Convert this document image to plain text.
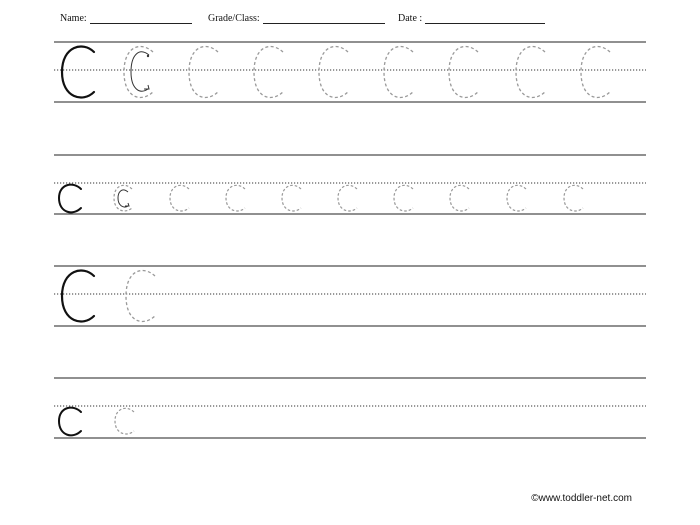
Name:	Grade/Class:	Date :
©www.toddler-net.com
